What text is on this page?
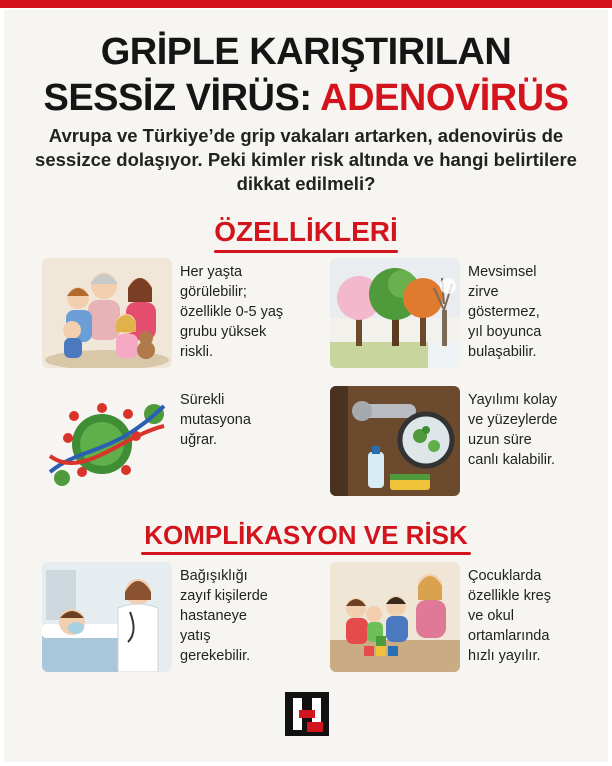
GRİPLE KARIŞTIRILAN
SESSİZ VİRÜS: ADENOVİRÜS
Avrupa ve Türkiye’de grip vakaları artarken, adenovirüs de sessizce dolaşıyor. Peki kimler risk altında ve hangi belirtilere dikkat edilmeli?
ÖZELLİKLERİ
Her yaşta
görülebilir;
özellikle 0-5 yaş
grubu yüksek
riskli.
Mevsimsel
zirve
göstermez,
yıl boyunca
bulaşabilir.
Sürekli
mutasyona
uğrar.
Yayılımı kolay
ve yüzeylerde
uzun süre
canlı kalabilir.
KOMPLİKASYON VE RİSK
Bağışıklığı
zayıf kişilerde
hastaneye
yatış
gerekebilir.
Çocuklarda
özellikle kreş
ve okul
ortamlarında
hızlı yayılır.
